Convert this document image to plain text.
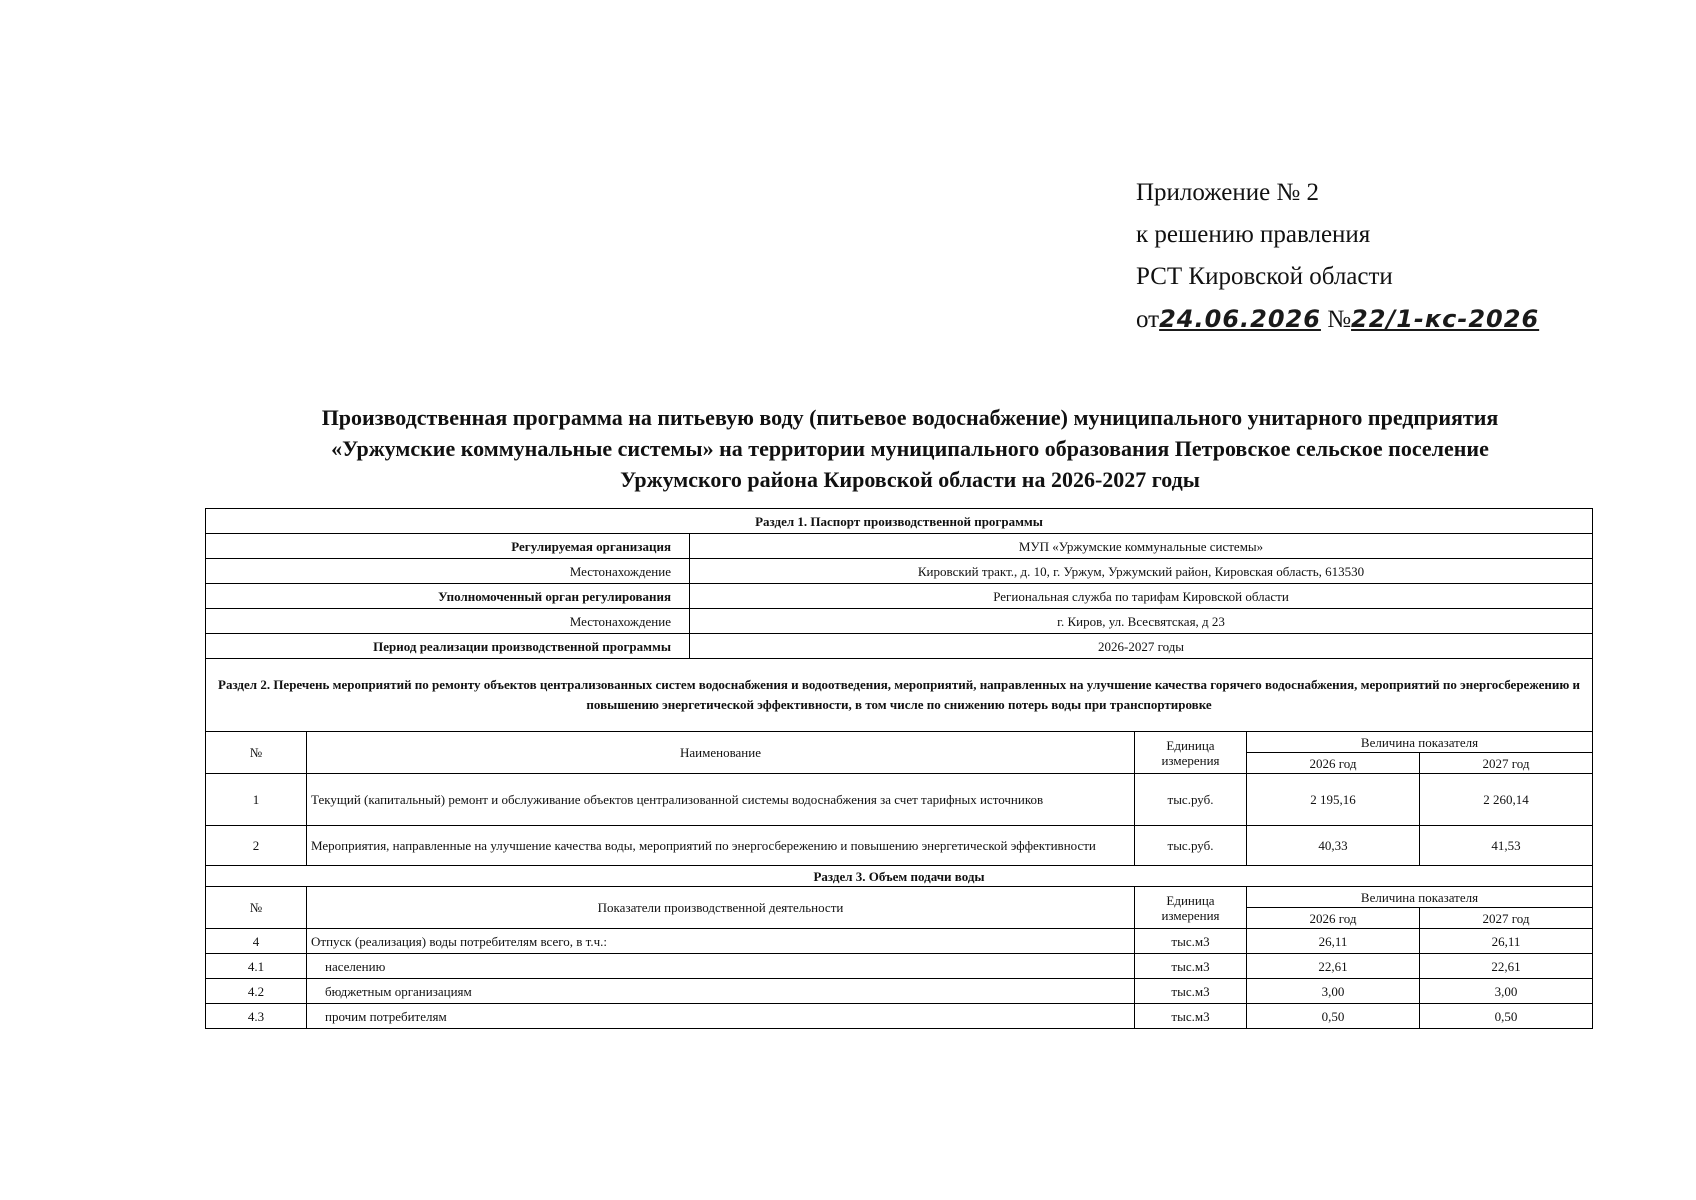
Приложение № 2
к решению правления
РСТ Кировской области
от24.06.2026 №22/1-кс-2026
Производственная программа на питьевую воду (питьевое водоснабжение) муниципального унитарного предприятия
«Уржумские коммунальные системы» на территории муниципального образования Петровское сельское поселение
Уржумского района Кировской области на 2026-2027 годы
Раздел 1. Паспорт производственной программы					
Регулируемая организация		МУП «Уржумские коммунальные системы»			
Местонахождение		Кировский тракт., д. 10, г. Уржум, Уржумский район, Кировская область, 613530			
Уполномоченный орган регулирования		Региональная служба по тарифам Кировской области			
Местонахождение		г. Киров, ул. Всесвятская, д 23			
Период реализации производственной программы		2026-2027 годы			
Раздел 2. Перечень мероприятий по ремонту объектов централизованных систем водоснабжения и водоотведения, мероприятий, направленных на улучшение качества горячего водоснабжения, мероприятий по энергосбережению и повышению энергетической эффективности, в том числе по снижению потерь воды при транспортировке					
№	Наименование		Единица измерения	Величина показателя	
				2026 год	2027 год
1	Текущий (капитальный) ремонт и обслуживание объектов централизованной системы водоснабжения за счет тарифных источников		тыс.руб.	2 195,16	2 260,14
2	Мероприятия, направленные на улучшение качества воды, мероприятий по энергосбережению и повышению энергетической эффективности		тыс.руб.	40,33	41,53
Раздел 3. Объем подачи воды					
№	Показатели производственной деятельности		Единица измерения	Величина показателя	
				2026 год	2027 год
4	Отпуск (реализация) воды потребителям всего, в т.ч.:		тыс.м3	26,11	26,11
4.1	населению		тыс.м3	22,61	22,61
4.2	бюджетным организациям		тыс.м3	3,00	3,00
4.3	прочим потребителям		тыс.м3	0,50	0,50
